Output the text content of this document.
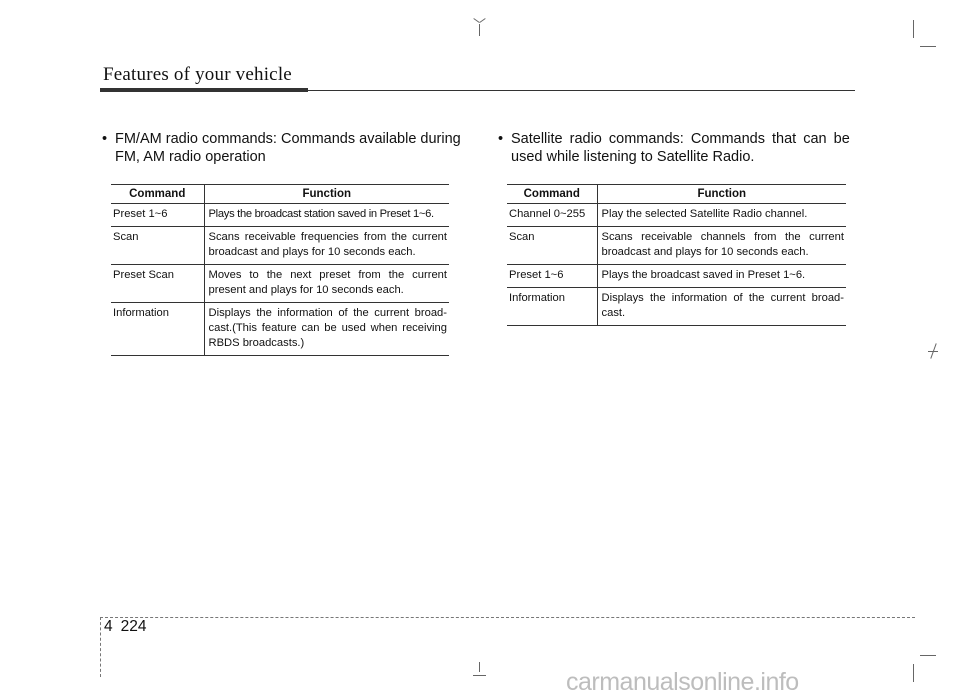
Features of your vehicle
• FM/AM radio commands: Commands available during
FM, AM radio operation
Command	Function
Preset 1~6	Plays the broadcast station saved in Preset 1~6.
Scan	Scans receivable frequencies from the current broadcast and plays for 10 seconds each.
Preset Scan	Moves to the next preset from the current present and plays for 10 seconds each.
Information	Displays the information of the current broad-cast.(This feature can be used when receiving RBDS broadcasts.)
• Satellite radio commands: Commands that can be
used while listening to Satellite Radio.
Command	Function
Channel 0~255	Play the selected Satellite Radio channel.
Scan	Scans receivable channels from the current broadcast and plays for 10 seconds each.
Preset 1~6	Plays the broadcast saved in Preset 1~6.
Information	Displays the information of the current broad-cast.
4 224
carmanualsonline.info
